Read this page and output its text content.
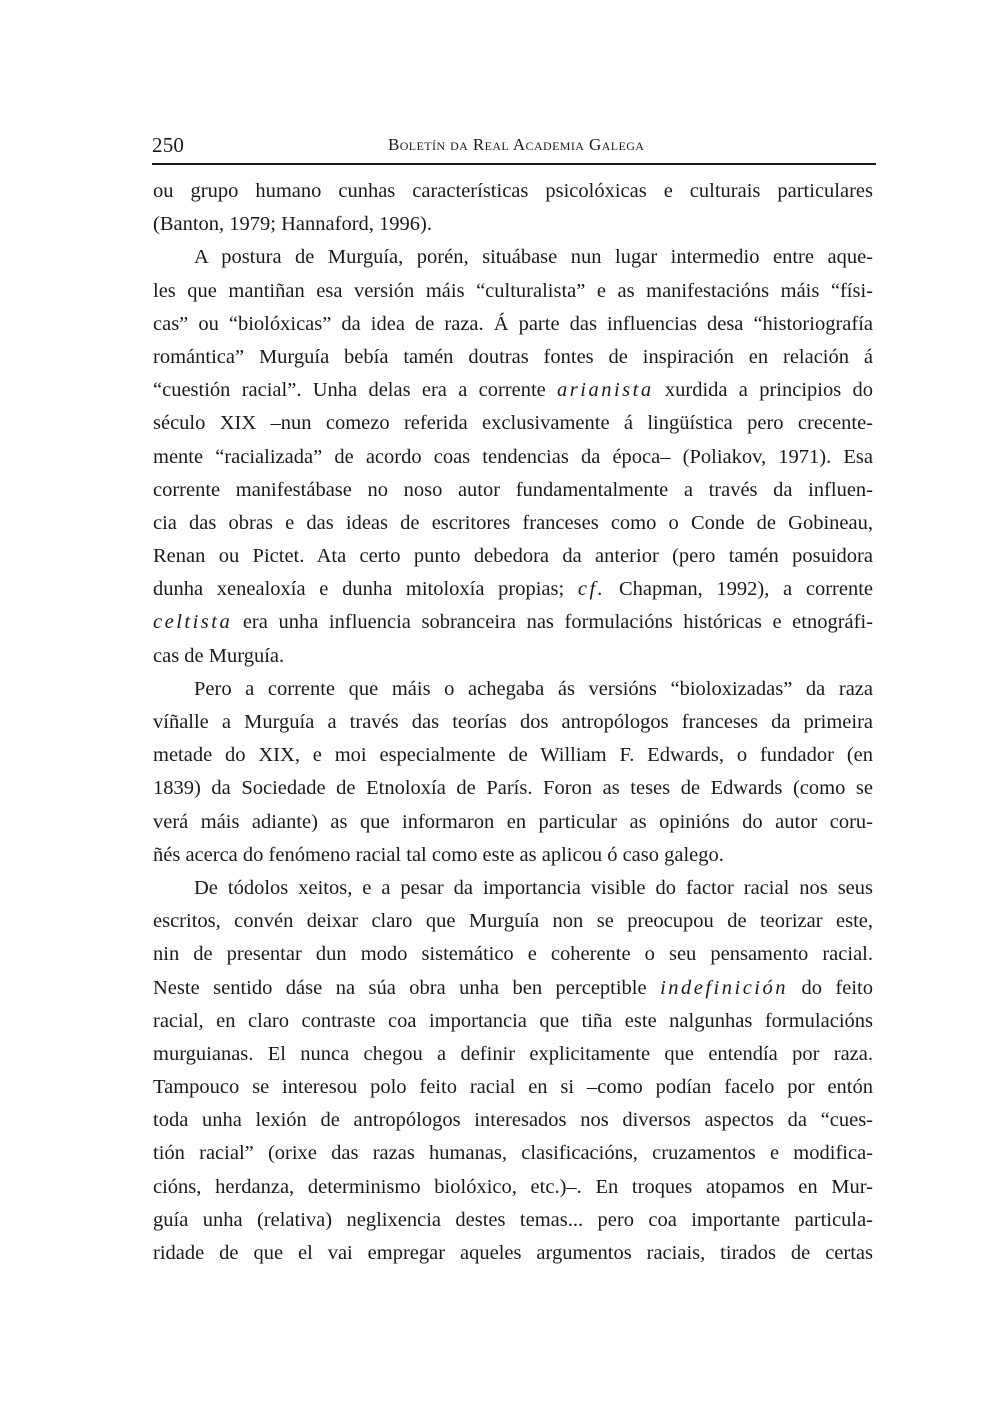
250	Boletín da Real Academia Galega
ou grupo humano cunhas características psicolóxicas e culturais particulares
(Banton, 1979; Hannaford, 1996).
A postura de Murguía, porén, situábase nun lugar intermedio entre aque-
les que mantiñan esa versión máis “culturalista” e as manifestacións máis “físi-
cas” ou “biolóxicas” da idea de raza. Á parte das influencias desa “historiografía
romántica” Murguía bebía tamén doutras fontes de inspiración en relación á
“cuestión racial”. Unha delas era a corrente arianista xurdida a principios do
século XIX –nun comezo referida exclusivamente á lingüística pero crecente-
mente “racializada” de acordo coas tendencias da época– (Poliakov, 1971). Esa
corrente manifestábase no noso autor fundamentalmente a través da influen-
cia das obras e das ideas de escritores franceses como o Conde de Gobineau,
Renan ou Pictet. Ata certo punto debedora da anterior (pero tamén posuidora
dunha xenealoxía e dunha mitoloxía propias; cf. Chapman, 1992), a corrente
celtista era unha influencia sobranceira nas formulacións históricas e etnográfi-
cas de Murguía.
Pero a corrente que máis o achegaba ás versións “bioloxizadas” da raza
víñalle a Murguía a través das teorías dos antropólogos franceses da primeira
metade do XIX, e moi especialmente de William F. Edwards, o fundador (en
1839) da Sociedade de Etnoloxía de París. Foron as teses de Edwards (como se
verá máis adiante) as que informaron en particular as opinións do autor coru-
ñés acerca do fenómeno racial tal como este as aplicou ó caso galego.
De tódolos xeitos, e a pesar da importancia visible do factor racial nos seus
escritos, convén deixar claro que Murguía non se preocupou de teorizar este,
nin de presentar dun modo sistemático e coherente o seu pensamento racial.
Neste sentido dáse na súa obra unha ben perceptible indefinición do feito
racial, en claro contraste coa importancia que tiña este nalgunhas formulacións
murguianas. El nunca chegou a definir explicitamente que entendía por raza.
Tampouco se interesou polo feito racial en si –como podían facelo por entón
toda unha lexión de antropólogos interesados nos diversos aspectos da “cues-
tión racial” (orixe das razas humanas, clasificacións, cruzamentos e modifica-
cións, herdanza, determinismo biolóxico, etc.)–. En troques atopamos en Mur-
guía unha (relativa) neglixencia destes temas... pero coa importante particula-
ridade de que el vai empregar aqueles argumentos raciais, tirados de certas
